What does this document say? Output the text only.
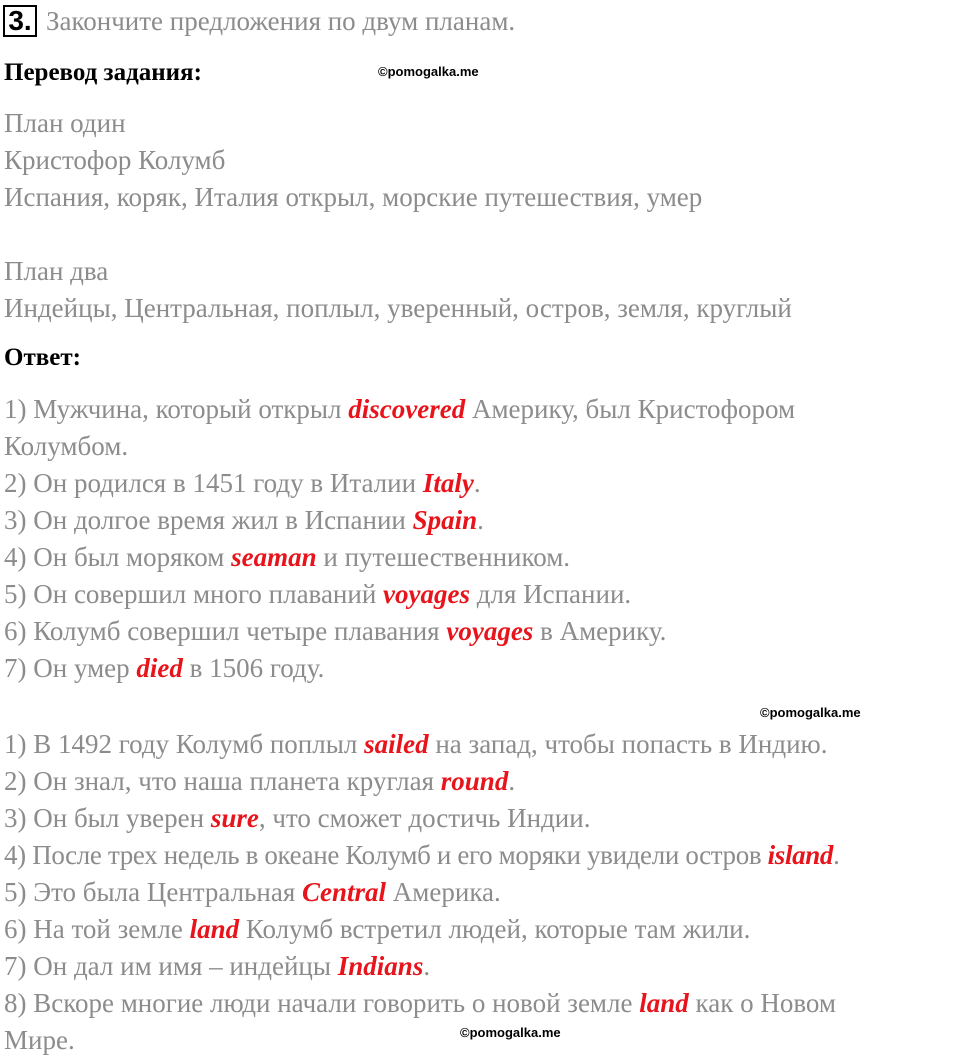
3. Закончите предложения по двум планам.
Перевод задания:	©pomogalka.me
План один
Кристофор Колумб
Испания, коряк, Италия открыл, морские путешествия, умер
План два
Индейцы, Центральная, поплыл, уверенный, остров, земля, круглый
Ответ:
1) Мужчина, который открыл discovered Америку, был Кристофором
Колумбом.
2) Он родился в 1451 году в Италии Italy.
3) Он долгое время жил в Испании Spain.
4) Он был моряком seaman и путешественником.
5) Он совершил много плаваний voyages для Испании.
6) Колумб совершил четыре плавания voyages в Америку.
7) Он умер died в 1506 году.
©pomogalka.me
1) В 1492 году Колумб поплыл sailed на запад, чтобы попасть в Индию.
2) Он знал, что наша планета круглая round.
3) Он был уверен sure, что сможет достичь Индии.
4) После трех недель в океане Колумб и его моряки увидели остров island.
5) Это была Центральная Central Америка.
6) На той земле land Колумб встретил людей, которые там жили.
7) Он дал им имя – индейцы Indians.
8) Вскоре многие люди начали говорить о новой земле land как о Новом
Мире.	©pomogalka.me
